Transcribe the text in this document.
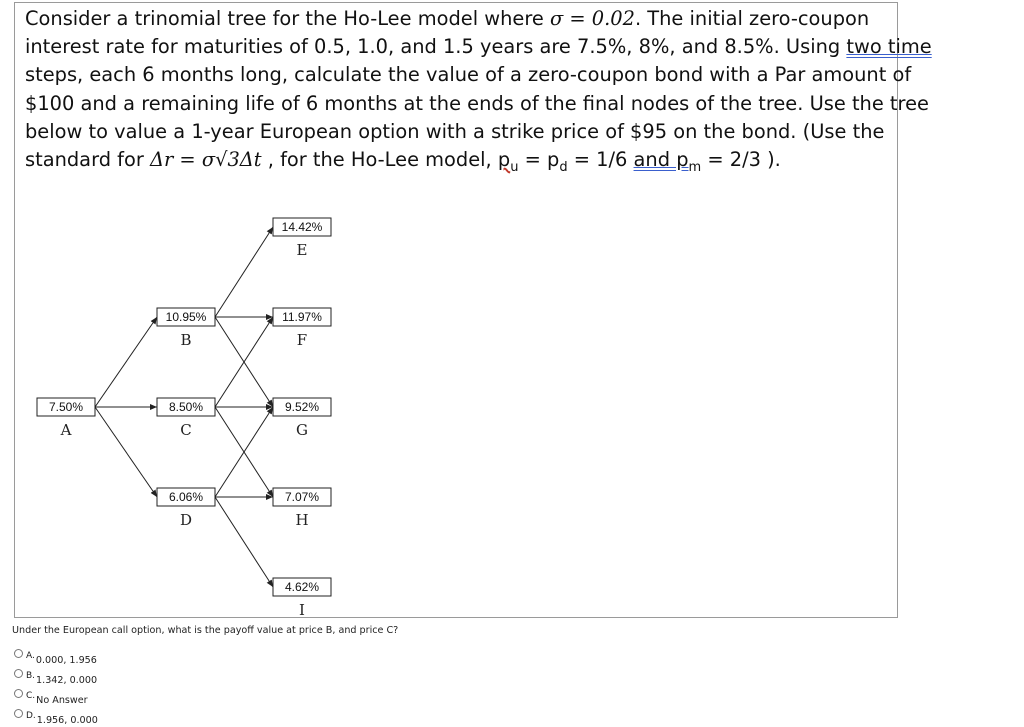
Consider a trinomial tree for the Ho-Lee model where σ = 0.02. The initial zero-coupon
interest rate for maturities of 0.5, 1.0, and 1.5 years are 7.5%, 8%, and 8.5%. Using two time
steps, each 6 months long, calculate the value of a zero-coupon bond with a Par amount of
$100 and a remaining life of 6 months at the ends of the final nodes of the tree. Use the tree
below to value a 1-year European option with a strike price of $95 on the bond. (Use the
standard for Δr = σ√3Δt , for the Ho-Lee model, $p_u = p_d = 1/6$ and $p_m = 2/3$ ).
7.50%
A
10.95%
B
8.50%
C
6.06%
D
14.42%
E
11.97%
F
9.52%
G
7.07%
H
4.62%
I
Under the European call option, what is the payoff value at price B, and price C?
A.0.000, 1.956
B.1.342, 0.000
C.No Answer
D.1.956, 0.000
